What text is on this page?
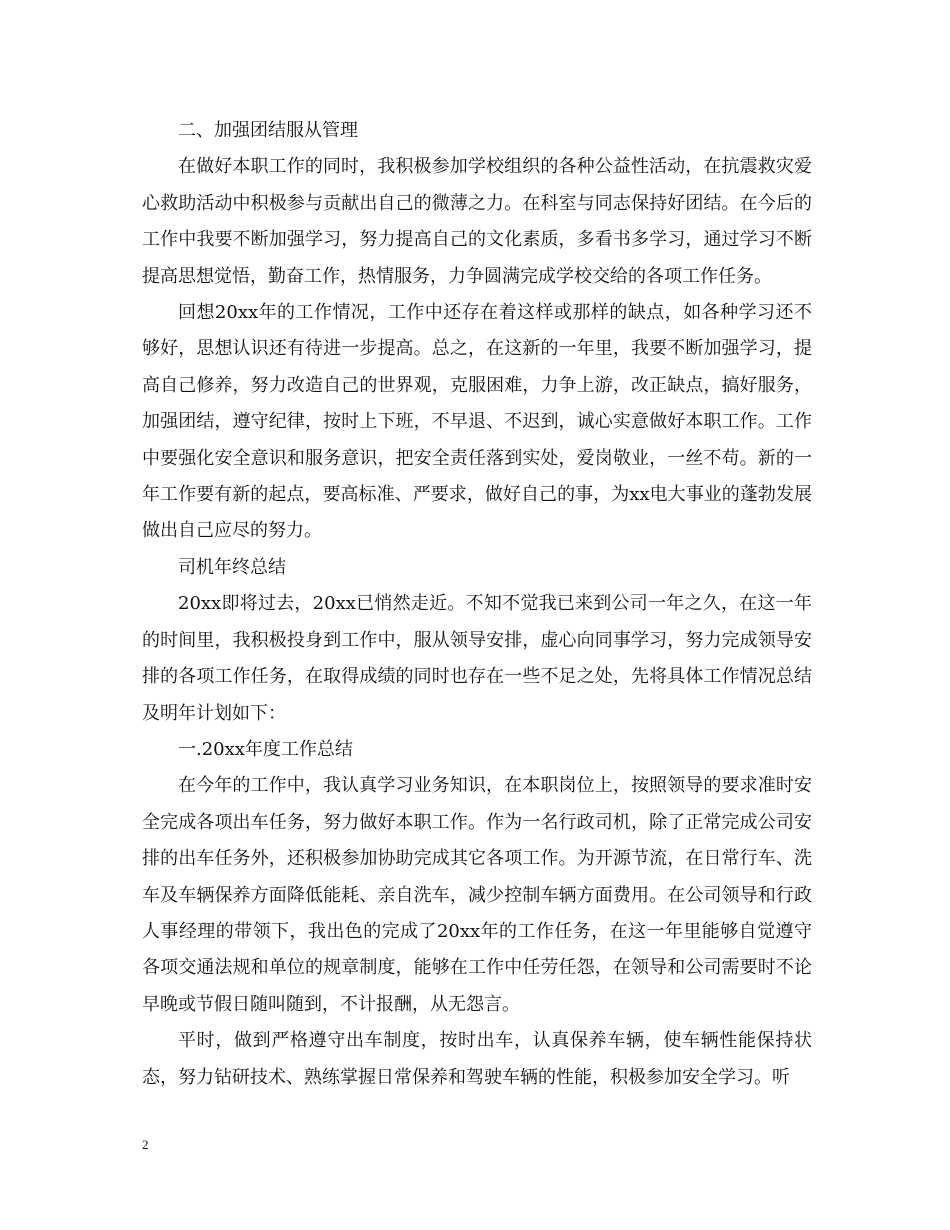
二、加强团结服从管理

在做好本职工作的同时，我积极参加学校组织的各种公益性活动，在抗震救灾爱心救助活动中积极参与贡献出自己的微薄之力。在科室与同志保持好团结。在今后的工作中我要不断加强学习，努力提高自己的文化素质，多看书多学习，通过学习不断提高思想觉悟，勤奋工作，热情服务，力争圆满完成学校交给的各项工作任务。

回想20xx年的工作情况，工作中还存在着这样或那样的缺点，如各种学习还不够好，思想认识还有待进一步提高。总之，在这新的一年里，我要不断加强学习，提高自己修养，努力改造自己的世界观，克服困难，力争上游，改正缺点，搞好服务，加强团结，遵守纪律，按时上下班，不早退、不迟到，诚心实意做好本职工作。工作中要强化安全意识和服务意识，把安全责任落到实处，爱岗敬业，一丝不苟。新的一年工作要有新的起点，要高标准、严要求，做好自己的事，为xx电大事业的蓬勃发展做出自己应尽的努力。

司机年终总结

20xx即将过去，20xx已悄然走近。不知不觉我已来到公司一年之久，在这一年的时间里，我积极投身到工作中，服从领导安排，虚心向同事学习，努力完成领导安排的各项工作任务，在取得成绩的同时也存在一些不足之处，先将具体工作情况总结及明年计划如下：

一.20xx年度工作总结

在今年的工作中，我认真学习业务知识，在本职岗位上，按照领导的要求准时安全完成各项出车任务，努力做好本职工作。作为一名行政司机，除了正常完成公司安排的出车任务外，还积极参加协助完成其它各项工作。为开源节流，在日常行车、洗车及车辆保养方面降低能耗、亲自洗车，减少控制车辆方面费用。在公司领导和行政人事经理的带领下，我出色的完成了20xx年的工作任务，在这一年里能够自觉遵守各项交通法规和单位的规章制度，能够在工作中任劳任怨，在领导和公司需要时不论早晚或节假日随叫随到，不计报酬，从无怨言。

平时，做到严格遵守出车制度，按时出车，认真保养车辆，使车辆性能保持状态，努力钻研技术、熟练掌握日常保养和驾驶车辆的性能，积极参加安全学习。听

2
